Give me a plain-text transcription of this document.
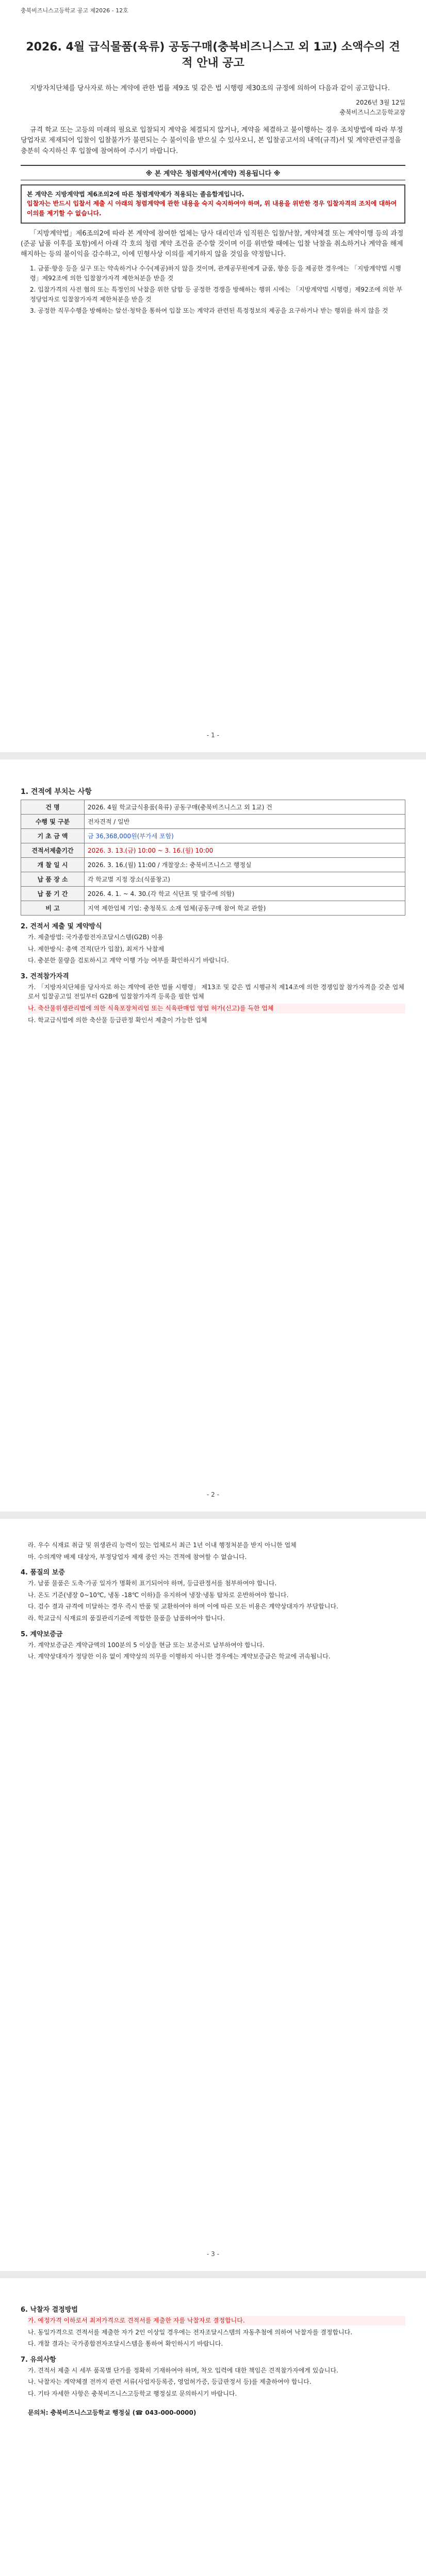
충북비즈니스고등학교 공고 제2026 - 12호
2026. 4월 급식물품(육류) 공동구매(충북비즈니스고 외 1교) 소액수의 견적 안내 공고

지방자치단체를 당사자로 하는 계약에 관한 법률 제9조 및 같은 법 시행령 제30조의 규정에 의하여 다음과 같이 공고합니다.

2026년 3월 12일

충북비즈니스고등학교장

규격 학교 또는 고등의 미래의 필요로 입찰되지 계약을 체결되지 않거나, 계약을 체결하고 불이행하는 경우 조치방법에 따라 부정당업자로 제재되어 입찰이 입찰불가가 불편되는 수 불이익을 받으실 수 있사오니, 본 입찰공고서의 내역(규격)서 및 계약관련규정을 충분히 숙지하신 후 입찰에 참여하여 주시기 바랍니다.

※ 본 계약은 청렴계약서(계약) 적용됩니다 ※
본 계약은 지방계약법 제6조의2에 따른 청렴계약제가 적용되는 졸음합계입니다.
입찰자는 반드시 입찰서 제출 시 아래의 청렴계약에 관한 내용을 숙지 숙지하여야 하며, 위 내용을 위반한 경우 입찰자격의 조치에 대하여 이의를 제기할 수 없습니다.

「지방계약법」제6조의2에 따라 본 계약에 참여한 업체는 당사 대리인과 임직원은 입찰/낙찰, 계약체결 또는 계약이행 등의 과정(준공 납품 이후를 포함)에서 아래 각 호의 청렴 계약 조건을 준수할 것이며 이를 위반할 때에는 입찰 낙찰을 취소하거나 계약을 해제 해지하는 등의 불이익을 감수하고, 이에 민형사상 이의를 제기하지 않을 것임을 약정합니다.

1. 금품·향응 등을 실구 또는 약속하거나 수수(제공)하지 않을 것이며, 관계공무원에게 금품, 향응 등을 제공한 경우에는 「지방계약법 시행령」제92조에 의한 입찰참가자격 제한처분을 받을 것
2. 입찰가격의 사전 협의 또는 특정인의 낙찰을 위한 담합 등 공정한 경쟁을 방해하는 행위 시에는 「지방계약법 시행령」제92조에 의한 부정당업자로 입찰참가자격 제한처분을 받을 것
3. 공정한 직무수행을 방해하는 알선·청탁을 통하여 입찰 또는 계약과 관련된 특정정보의 제공을 요구하거나 받는 행위를 하지 않을 것
- 1 -
1. 견적에 부치는 사항
건 명	2026. 4월 학교급식용품(육류) 공동구매(충북비즈니스고 외 1교) 건
수행 및 구분	전자견적 / 일반
기 초 금 액	금 36,368,000원(부가세 포함)
견적서제출기간	2026. 3. 13.(금) 10:00 ~ 3. 16.(월) 10:00
개 찰 일 시	2026. 3. 16.(월) 11:00 / 개찰장소: 충북비즈니스고 행정실
납 품 장 소	각 학교별 지정 장소(식품창고)
납 품 기 간	2026. 4. 1. ~ 4. 30.(각 학교 식단표 및 발주에 의함)
비 고	지역 제한업체 기업: 충청북도 소재 업체(공동구매 참여 학교 관할)
2. 견적서 제출 및 계약방식

가. 제출방법: 국가종합전자조달시스템(G2B) 이용

나. 제한방식: 총액 견적(단가 입찰), 최저가 낙찰제

다. 충분한 물량을 검토하시고 계약 이행 가능 여부를 확인하시기 바랍니다.

3. 견적참가자격

가. 「지방자치단체를 당사자로 하는 계약에 관한 법률 시행령」 제13조 및 같은 법 시행규칙 제14조에 의한 경쟁입찰 참가자격을 갖춘 업체로서 입찰공고일 전일부터 G2B에 입찰참가자격 등록을 필한 업체

나. 축산물위생관리법에 의한 식육포장처리업 또는 식육판매업 영업 허가(신고)를 득한 업체

다. 학교급식법에 의한 축산물 등급판정 확인서 제출이 가능한 업체

- 2 -

라. 우수 식재료 취급 및 위생관리 능력이 있는 업체로서 최근 1년 이내 행정처분을 받지 아니한 업체

마. 수의계약 배제 대상자, 부정당업자 제재 중인 자는 견적에 참여할 수 없습니다.

4. 품질의 보증

가. 납품 물품은 도축·가공 일자가 명확히 표기되어야 하며, 등급판정서를 첨부하여야 합니다.

나. 온도 기준(냉장 0~10℃, 냉동 -18℃ 이하)을 유지하여 냉장·냉동 탑차로 운반하여야 합니다.

다. 검수 결과 규격에 미달하는 경우 즉시 반품 및 교환하여야 하며 이에 따른 모든 비용은 계약상대자가 부담합니다.

라. 학교급식 식재료의 품질관리기준에 적합한 물품을 납품하여야 합니다.

5. 계약보증금

가. 계약보증금은 계약금액의 100분의 5 이상을 현금 또는 보증서로 납부하여야 합니다.

나. 계약상대자가 정당한 이유 없이 계약상의 의무를 이행하지 아니한 경우에는 계약보증금은 학교에 귀속됩니다.

- 3 -
6. 낙찰자 결정방법

가. 예정가격 이하로서 최저가격으로 견적서를 제출한 자를 낙찰자로 결정합니다.

나. 동일가격으로 견적서를 제출한 자가 2인 이상일 경우에는 전자조달시스템의 자동추첨에 의하여 낙찰자를 결정합니다.

다. 개찰 결과는 국가종합전자조달시스템을 통하여 확인하시기 바랍니다.

7. 유의사항

가. 견적서 제출 시 세부 품목별 단가를 정확히 기재하여야 하며, 착오 입력에 대한 책임은 견적참가자에게 있습니다.

나. 낙찰자는 계약체결 전까지 관련 서류(사업자등록증, 영업허가증, 등급판정서 등)를 제출하여야 합니다.

다. 기타 자세한 사항은 충북비즈니스고등학교 행정실로 문의하시기 바랍니다.

문의처: 충북비즈니스고등학교 행정실 (☎ 043-000-0000)
